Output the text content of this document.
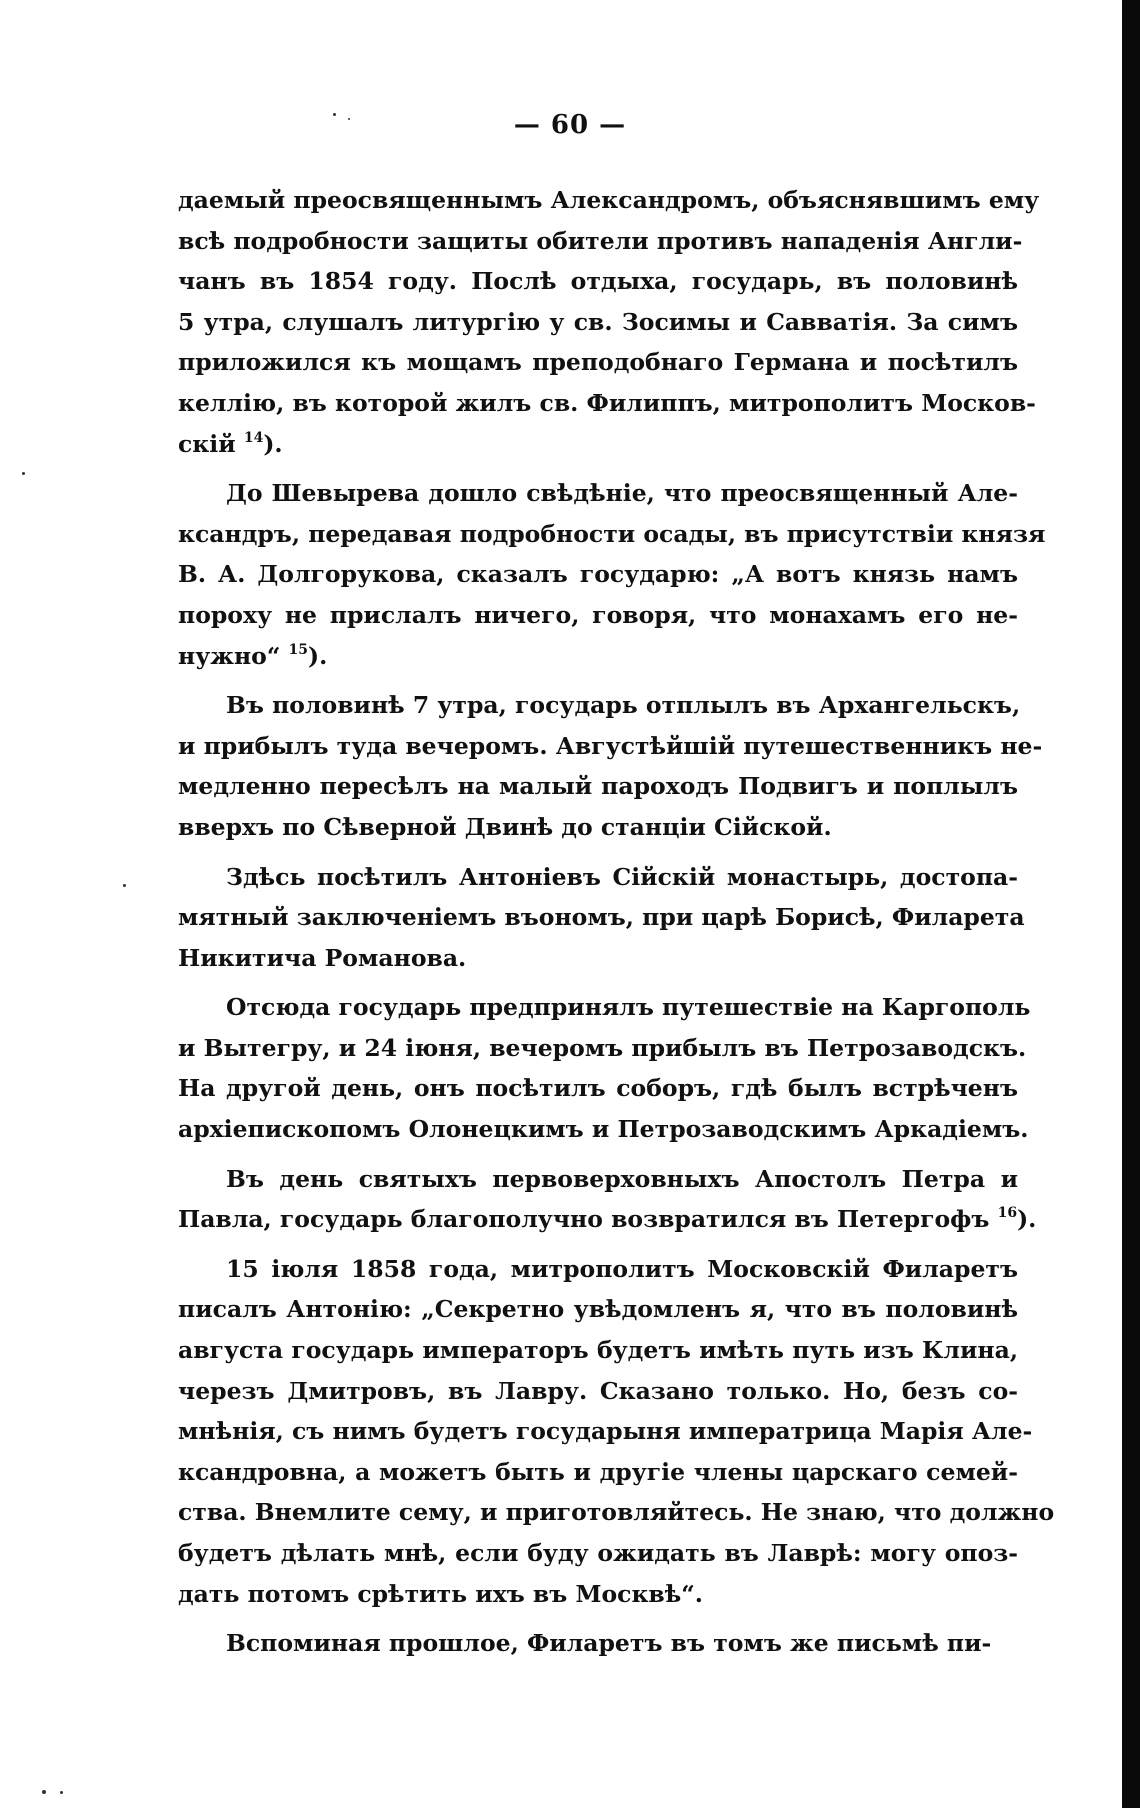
— 60 —
даемый преосвященнымъ Александромъ, объяснявшимъ ему
всѣ подробности защиты обители противъ нападенія Англи-
чанъ въ 1854 году. Послѣ отдыха, государь, въ половинѣ
5 утра, слушалъ литургію у св. Зосимы и Савватія. За симъ
приложился къ мощамъ преподобнаго Германа и посѣтилъ
келлію, въ которой жилъ св. Филиппъ, митрополитъ Москов-
скій $^{14}$).
До Шевырева дошло свѣдѣніе, что преосвященный Але-
ксандръ, передавая подробности осады, въ присутствіи князя
В. А. Долгорукова, сказалъ государю: „А вотъ князь намъ
пороху не прислалъ ничего, говоря, что монахамъ его не-
нужно“ $^{15}$).
Въ половинѣ 7 утра, государь отплылъ въ Архангельскъ,
и прибылъ туда вечеромъ. Августѣйшій путешественникъ не-
медленно пересѣлъ на малый пароходъ Подвигъ и поплылъ
вверхъ по Сѣверной Двинѣ до станціи Сійской.
Здѣсь посѣтилъ Антоніевъ Сійскій монастырь, достопа-
мятный заключеніемъ въономъ, при царѣ Борисѣ, Филарета
Никитича Романова.
Отсюда государь предпринялъ путешествіе на Каргополь
и Вытегру, и 24 іюня, вечеромъ прибылъ въ Петрозаводскъ.
На другой день, онъ посѣтилъ соборъ, гдѣ былъ встрѣченъ
архіепископомъ Олонецкимъ и Петрозаводскимъ Аркадіемъ.
Въ день святыхъ первоверховныхъ Апостолъ Петра и
Павла, государь благополучно возвратился въ Петергофъ $^{16}$).
15 іюля 1858 года, митрополитъ Московскій Филаретъ
писалъ Антонію: „Секретно увѣдомленъ я, что въ половинѣ
августа государь императоръ будетъ имѣть путь изъ Клина,
черезъ Дмитровъ, въ Лавру. Сказано только. Но, безъ со-
мнѣнія, съ нимъ будетъ государыня императрица Марія Але-
ксандровна, а можетъ быть и другіе члены царскаго семей-
ства. Внемлите сему, и приготовляйтесь. Не знаю, что должно
будетъ дѣлать мнѣ, если буду ожидать въ Лаврѣ: могу опоз-
дать потомъ срѣтить ихъ въ Москвѣ“.
Вспоминая прошлое, Филаретъ въ томъ же письмѣ пи-
